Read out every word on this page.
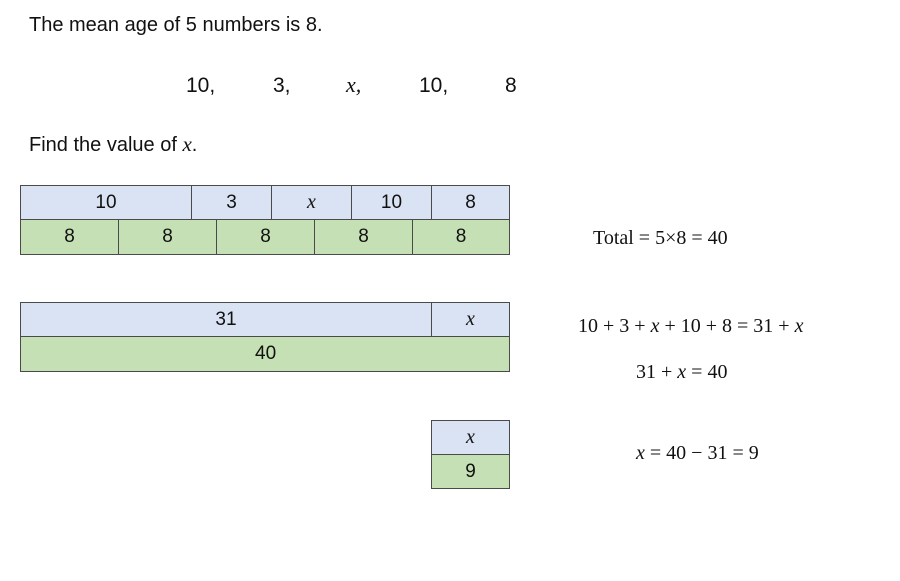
The mean age of 5 numbers is 8.
10,	3,	x,	10,	8
Find the value of x.
10	3	x	10	8
8	8	8	8	8	Total = 5×8 = 40
31	x
40
10 + 3 + x + 10 + 8 = 31 + x
31 + x = 40
x
9
x = 40 − 31 = 9
